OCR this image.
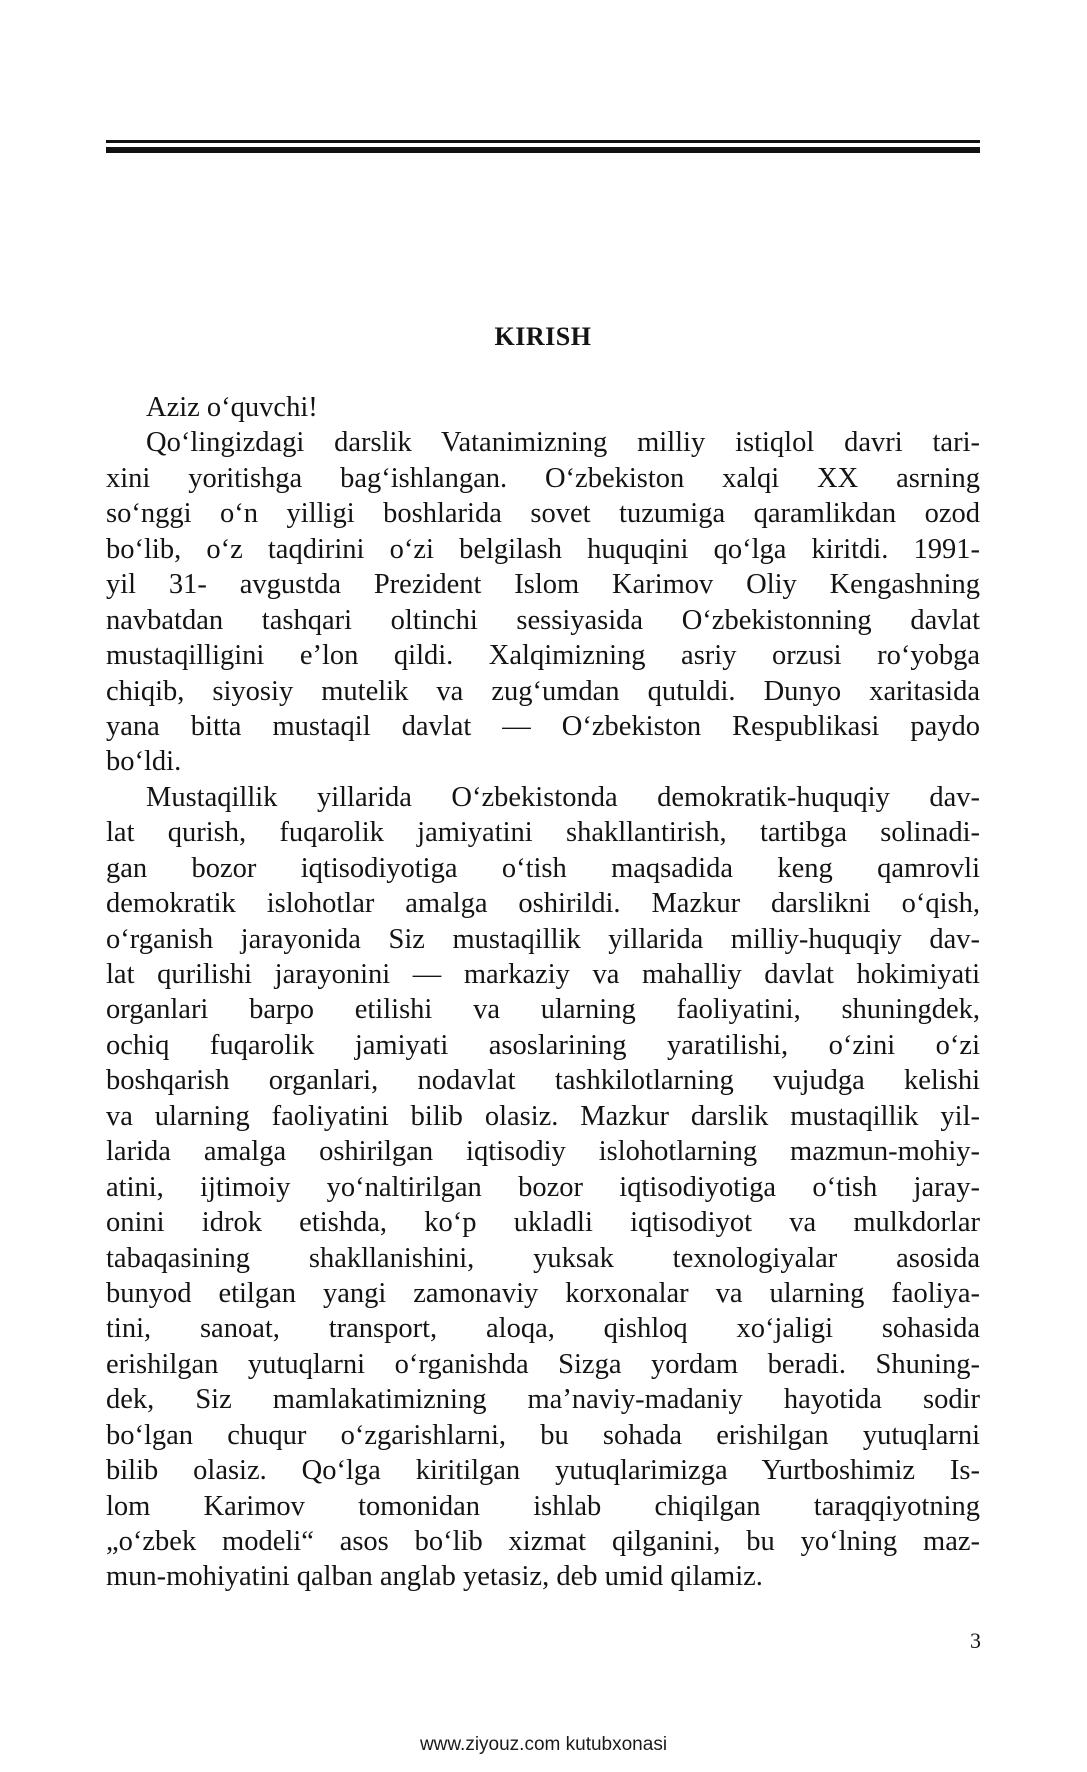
KIRISH
Aziz o‘quvchi!
Qo‘lingizdagi darslik Vatanimizning milliy istiqlol davri tari-
xini yoritishga bag‘ishlangan. O‘zbekiston xalqi XX asrning
so‘nggi o‘n yilligi boshlarida sovet tuzumiga qaramlikdan ozod
bo‘lib, o‘z taqdirini o‘zi belgilash huquqini qo‘lga kiritdi. 1991-
yil 31- avgustda Prezident Islom Karimov Oliy Kengashning
navbatdan tashqari oltinchi sessiyasida O‘zbekistonning davlat
mustaqilligini e’lon qildi. Xalqimizning asriy orzusi ro‘yobga
chiqib, siyosiy mutelik va zug‘umdan qutuldi. Dunyo xaritasida
yana bitta mustaqil davlat — O‘zbekiston Respublikasi paydo
bo‘ldi.
Mustaqillik yillarida O‘zbekistonda demokratik-huquqiy dav-
lat qurish, fuqarolik jamiyatini shakllantirish, tartibga solinadi-
gan bozor iqtisodiyotiga o‘tish maqsadida keng qamrovli
demokratik islohotlar amalga oshirildi. Mazkur darslikni o‘qish,
o‘rganish jarayonida Siz mustaqillik yillarida milliy-huquqiy dav-
lat qurilishi jarayonini — markaziy va mahalliy davlat hokimiyati
organlari barpo etilishi va ularning faoliyatini, shuningdek,
ochiq fuqarolik jamiyati asoslarining yaratilishi, o‘zini o‘zi
boshqarish organlari, nodavlat tashkilotlarning vujudga kelishi
va ularning faoliyatini bilib olasiz. Mazkur darslik mustaqillik yil-
larida amalga oshirilgan iqtisodiy islohotlarning mazmun-mohiy-
atini, ijtimoiy yo‘naltirilgan bozor iqtisodiyotiga o‘tish jaray-
onini idrok etishda, ko‘p ukladli iqtisodiyot va mulkdorlar
tabaqasining shakllanishini, yuksak texnologiyalar asosida
bunyod etilgan yangi zamonaviy korxonalar va ularning faoliya-
tini, sanoat, transport, aloqa, qishloq xo‘jaligi sohasida
erishilgan yutuqlarni o‘rganishda Sizga yordam beradi. Shuning-
dek, Siz mamlakatimizning ma’naviy-madaniy hayotida sodir
bo‘lgan chuqur o‘zgarishlarni, bu sohada erishilgan yutuqlarni
bilib olasiz. Qo‘lga kiritilgan yutuqlarimizga Yurtboshimiz Is-
lom Karimov tomonidan ishlab chiqilgan taraqqiyotning
„o‘zbek modeli“ asos bo‘lib xizmat qilganini, bu yo‘lning maz-
mun-mohiyatini qalban anglab yetasiz, deb umid qilamiz.
3
www.ziyouz.com kutubxonasi
